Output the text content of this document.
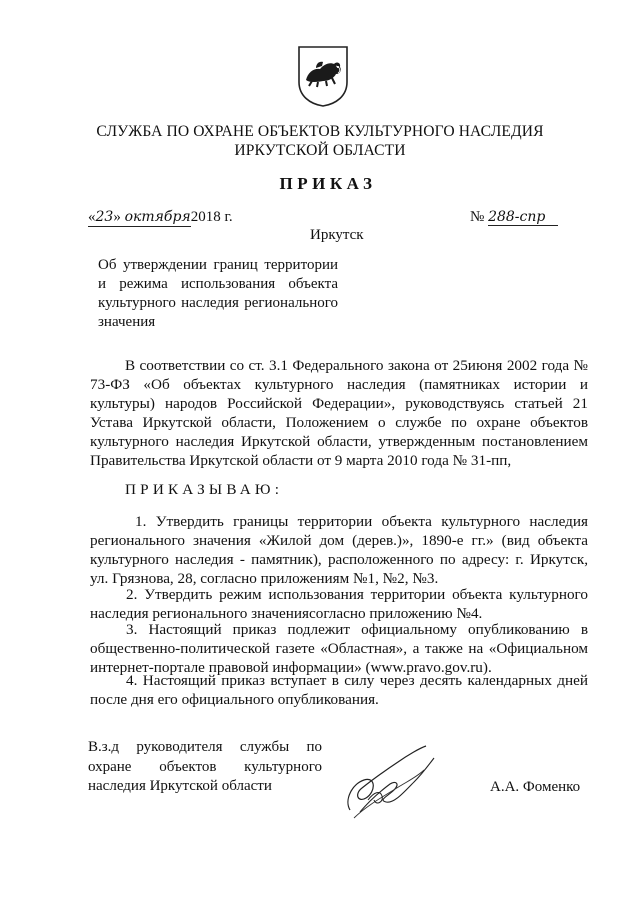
СЛУЖБА ПО ОХРАНЕ ОБЪЕКТОВ КУЛЬТУРНОГО НАСЛЕДИЯ
ИРКУТСКОЙ ОБЛАСТИ
ПРИКАЗ
«23» октября2018 г.	№ 288-спр
Иркутск
Об утверждении границ территории и режима использования объекта культурного наследия регионального значения
В соответствии со ст. 3.1 Федерального закона от 25июня 2002 года № 73-ФЗ «Об объектах культурного наследия (памятниках истории и культуры) народов Российской Федерации», руководствуясь статьей 21 Устава Иркутской области, Положением о службе по охране объектов культурного наследия Иркутской области, утвержденным постановлением Правительства Иркутской области от 9 марта 2010 года № 31-пп,
ПРИКАЗЫВАЮ:
1. Утвердить границы территории объекта культурного наследия регионального значения «Жилой дом (дерев.)», 1890-е гг.» (вид объекта культурного наследия - памятник), расположенного по адресу: г. Иркутск, ул. Грязнова, 28, согласно приложениям №1, №2, №3.
2. Утвердить режим использования территории объекта культурного наследия регионального значениясогласно приложению №4.
3. Настоящий приказ подлежит официальному опубликованию в общественно-политической газете «Областная», а также на «Официальном интернет-портале правовой информации» (www.pravo.gov.ru).
4. Настоящий приказ вступает в силу через десять календарных дней после дня его официального опубликования.
В.з.д руководителя службы по охране объектов культурного наследия Иркутской области	А.А. Фоменко
